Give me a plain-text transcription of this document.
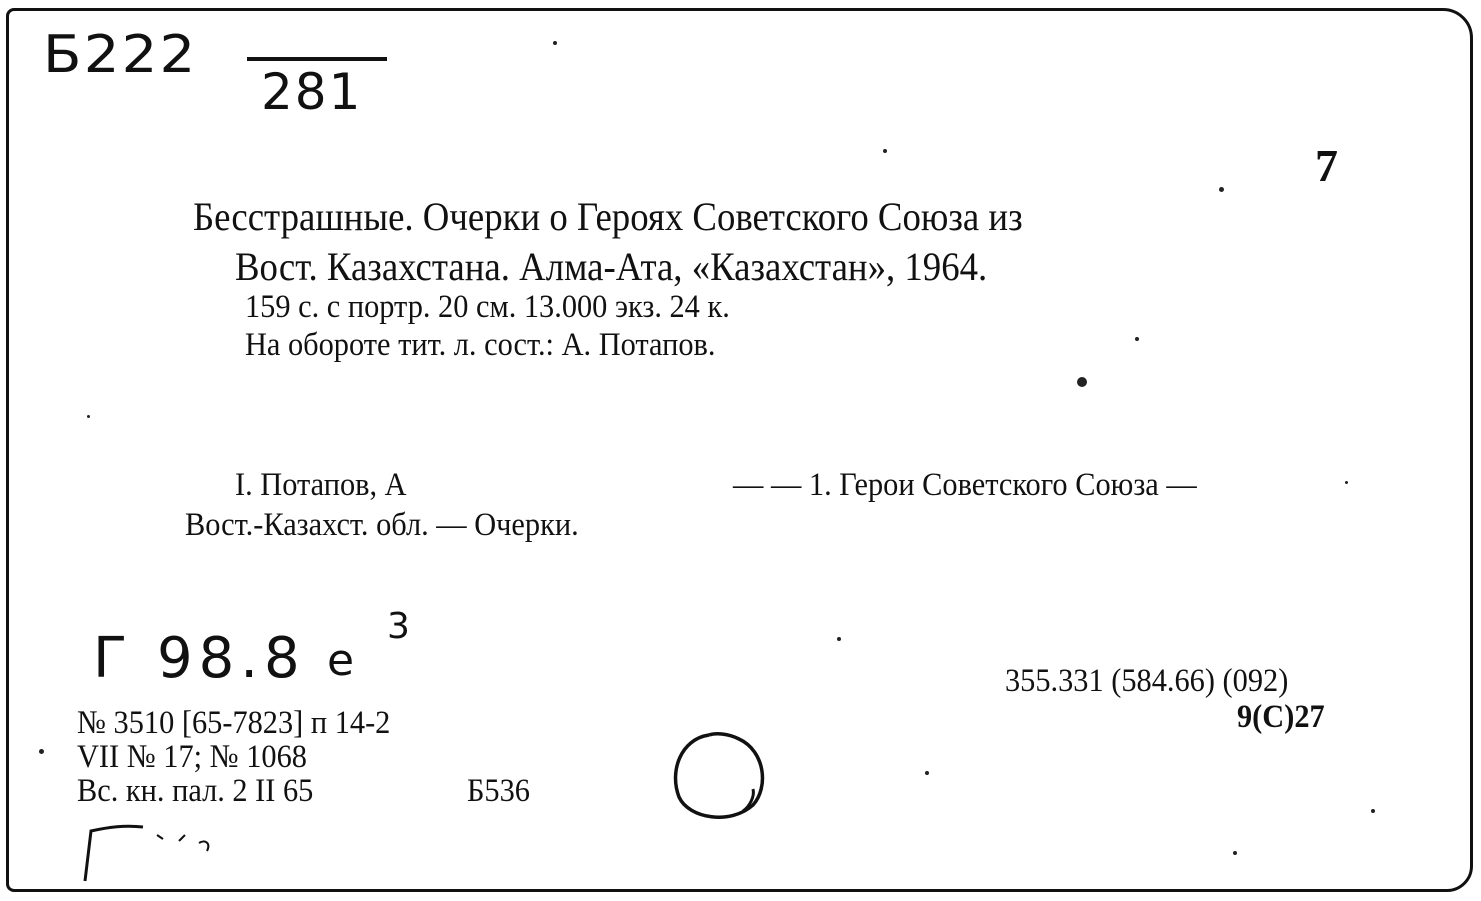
Б222
281
7
Бесстрашные. Очерки о Героях Советского Союза из
Вост. Казахстана. Алма-Ата, «Казахстан», 1964.
159 с. с портр. 20 см. 13.000 экз. 24 к.
На обороте тит. л. сост.: А. Потапов.
I. Потапов, А	— — 1. Герои Советского Союза —
Вост.-Казахст. обл. — Очерки.
Г 98.8 е
3
355.331 (584.66) (092)
9(С)27
№ 3510 [65-7823] п 14-2
VII № 17; № 1068
Вс. кн. пал. 2 II 65	Б536
